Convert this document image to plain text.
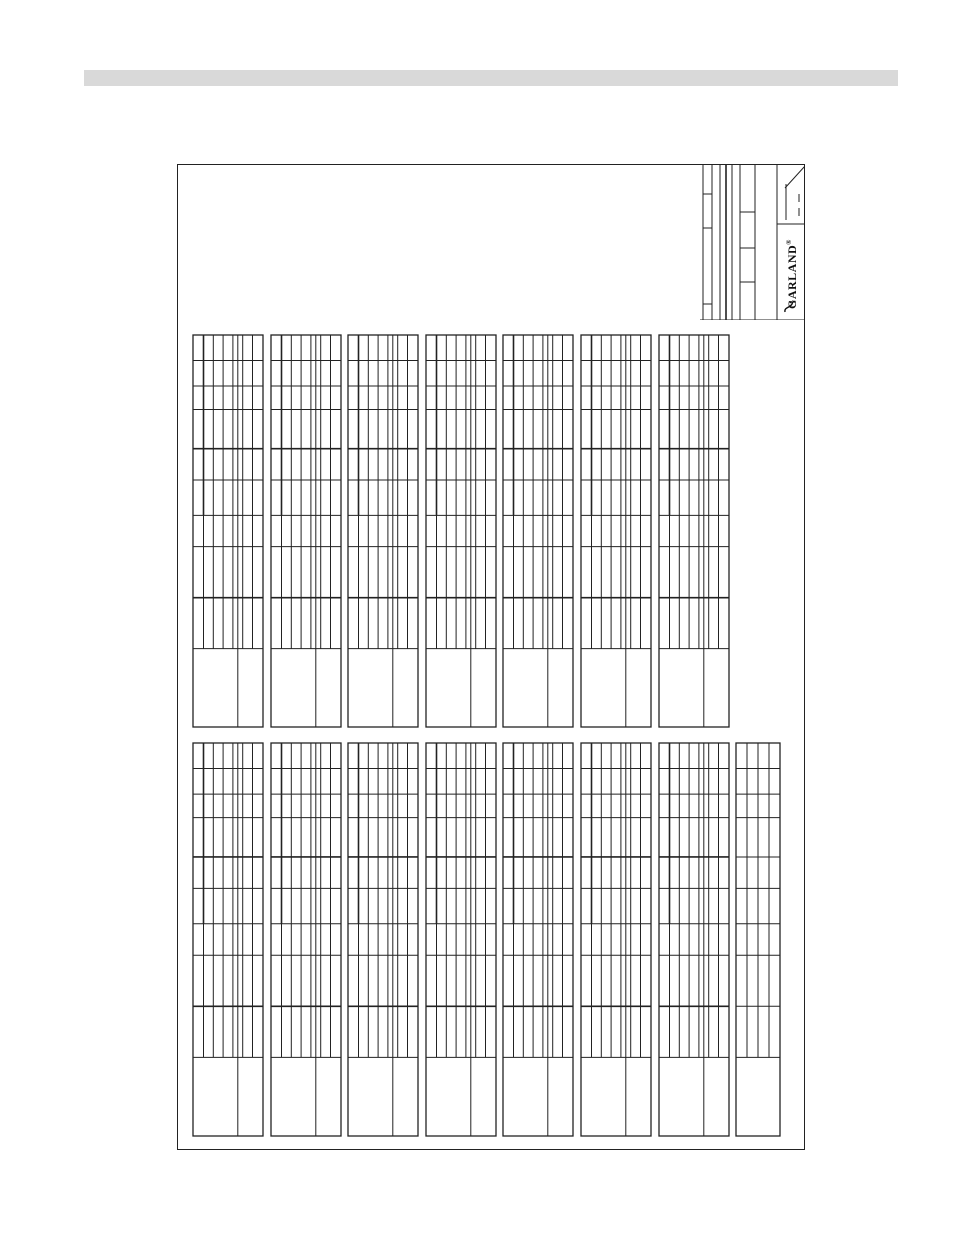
GARLAND®
